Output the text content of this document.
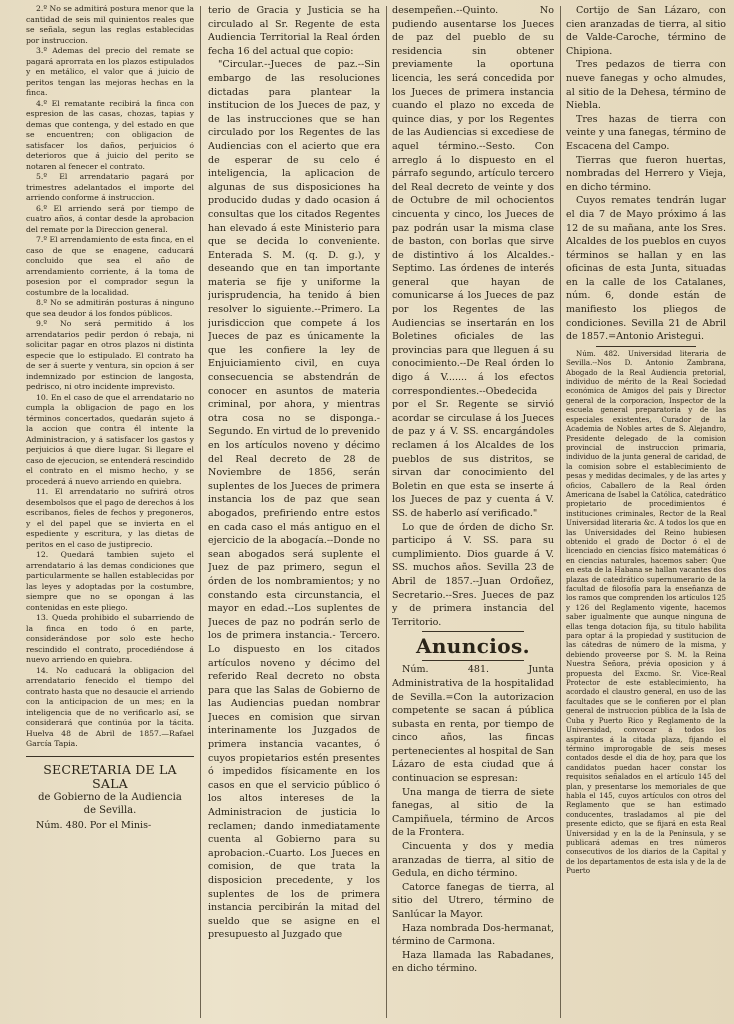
2.º No se admitirá postura menor que la cantidad de seis mil quinientos reales que se señala, segun las reglas establecidas por instruccion.

3.º Ademas del precio del remate se pagará aprorrata en los plazos estipulados y en metálico, el valor que á juicio de peritos tengan las mejoras hechas en la finca.

4.º El rematante recibirá la finca con espresion de las casas, chozas, tapias y demas que contenga, y del estado en que se encuentren; con obligacion de satisfacer los daños, perjuicios ó deterioros que á juicio del perito se notaren al fenecer el contrato.

5.º El arrendatario pagará por trimestres adelantados el importe del arriendo conforme á instruccion.

6.º El arriendo será por tiempo de cuatro años, á contar desde la aprobacion del remate por la Direccion general.

7.º El arrendamiento de esta finca, en el caso de que se enagene, caducará concluido que sea el año de arrendamiento corriente, á la toma de posesion por el comprador segun la costumbre de la localidad.

8.º No se admitirán posturas á ninguno que sea deudor á los fondos públicos.

9.º No será permitido á los arrendatarios pedir perdon ó rebaja, ni solicitar pagar en otros plazos ni distinta especie que lo estipulado. El contrato ha de ser á suerte y ventura, sin opcion á ser indemnizado por estincion de langosta, pedrisco, ni otro incidente imprevisto.

10. En el caso de que el arrendatario no cumpla la obligacion de pago en los términos concertados, quedarán sujeto á la accion que contra él intente la Administracion, y á satisfacer los gastos y perjuicios á que diere lugar. Si llegare el caso de ejecucion, se entenderá rescindido el contrato en el mismo hecho, y se procederá á nuevo arriendo en quiebra.

11. El arrendatario no sufrirá otros desembolsos que el pago de derechos á los escribanos, fieles de fechos y pregoneros, y el del papel que se invierta en el espediente y escritura, y las dietas de peritos en el caso de justiprecio.

12. Quedará tambien sujeto el arrendatario á las demas condiciones que particularmente se hallen establecidas por las leyes y adoptadas por la costumbre, siempre que no se opongan á las contenidas en este pliego.

13. Queda prohibido el subarriendo de la finca en todo ó en parte, considerándose por solo este hecho rescindido el contrato, procediéndose á nuevo arriendo en quiebra.

14. No caducará la obligacion del arrendatario fenecido el tiempo del contrato hasta que no desaucie el arriendo con la anticipacion de un mes; en la inteligencia que de no verificarlo así, se considerará que continúa por la tácita. Huelva 48 de Abril de 1857.—Rafael García Tapia.

SECRETARIA DE LA SALA
de Gobierno de la Audiencia
de Sevilla.

Núm. 480. Por el Minis-

terio de Gracia y Justicia se ha circulado al Sr. Regente de esta Audiencia Territorial la Real órden fecha 16 del actual que copio:

"Circular.--Jueces de paz.--Sin embargo de las resoluciones dictadas para plantear la institucion de los Jueces de paz, y de las instrucciones que se han circulado por los Regentes de las Audiencias con el acierto que era de esperar de su celo é inteligencia, la aplicacion de algunas de sus disposiciones ha producido dudas y dado ocasion á consultas que los citados Regentes han elevado á este Ministerio para que se decida lo conveniente. Enterada S. M. (q. D. g.), y deseando que en tan importante materia se fije y uniforme la jurisprudencia, ha tenido á bien resolver lo siguiente.--Primero. La jurisdiccion que compete á los Jueces de paz es únicamente la que les confiere la ley de Enjuiciamiento civil, en cuya consecuencia se abstendrán de conocer en asuntos de materia criminal, por ahora, y mientras otra cosa no se disponga.- Segundo. En virtud de lo prevenido en los artículos noveno y décimo del Real decreto de 28 de Noviembre de 1856, serán suplentes de los Jueces de primera instancia los de paz que sean abogados, prefiriendo entre estos en cada caso el más antiguo en el ejercicio de la abogacía.--Donde no sean abogados será suplente el Juez de paz primero, segun el órden de los nombramientos; y no constando esta circunstancia, el mayor en edad.--Los suplentes de Jueces de paz no podrán serlo de los de primera instancia.- Tercero. Lo dispuesto en los citados artículos noveno y décimo del referido Real decreto no obsta para que las Salas de Gobierno de las Audiencias puedan nombrar Jueces en comision que sirvan interinamente los Juzgados de primera instancia vacantes, ó cuyos propietarios estén presentes ó impedidos físicamente en los casos en que el servicio público ó los altos intereses de la Administracion de justicia lo reclamen; dando inmediatamente cuenta al Gobierno para su aprobacion.-Cuarto. Los Jueces en comision, de que trata la disposicion precedente, y los suplentes de los de primera instancia percibirán la mitad del sueldo que se asigne en el presupuesto al Juzgado que

desempeñen.--Quinto. No pudiendo ausentarse los Jueces de paz del pueblo de su residencia sin obtener previamente la oportuna licencia, les será concedida por los Jueces de primera instancia cuando el plazo no exceda de quince dias, y por los Regentes de las Audiencias si excediese de aquel término.--Sesto. Con arreglo á lo dispuesto en el párrafo segundo, artículo tercero del Real decreto de veinte y dos de Octubre de mil ochocientos cincuenta y cinco, los Jueces de paz podrán usar la misma clase de baston, con borlas que sirve de distintivo á los Alcaldes.-Septimo. Las órdenes de interés general que hayan de comunicarse á los Jueces de paz por los Regentes de las Audiencias se insertarán en los Boletines oficiales de las provincias para que lleguen á su conocimiento.--De Real órden lo digo á V....... á los efectos correspondientes.--Obedecida por el Sr. Regente se sirvió acordar se circulase á los Jueces de paz y á V. SS. encargándoles reclamen á los Alcaldes de los pueblos de sus distritos, se sirvan dar conocimiento del Boletin en que esta se inserte á los Jueces de paz y cuenta á V. SS. de haberlo así verificado."

Lo que de órden de dicho Sr. participo á V. SS. para su cumplimiento. Dios guarde á V. SS. muchos años. Sevilla 23 de Abril de 1857.--Juan Ordoñez, Secretario.--Sres. Jueces de paz y de primera instancia del Territorio.

Anuncios.

Núm. 481. Junta Administrativa de la hospitalidad de Sevilla.=Con la autorizacion competente se sacan á pública subasta en renta, por tiempo de cinco años, las fincas pertenecientes al hospital de San Lázaro de esta ciudad que á continuacion se espresan:

Una manga de tierra de siete fanegas, al sitio de la Campiñuela, término de Arcos de la Frontera.

Cincuenta y dos y media aranzadas de tierra, al sitio de Gedula, en dicho término.

Catorce fanegas de tierra, al sitio del Utrero, término de Sanlúcar la Mayor.

Haza nombrada Dos-hermanat, término de Carmona.

Haza llamada las Rabadanes, en dicho término.

Cortijo de San Lázaro, con cien aranzadas de tierra, al sitio de Valde-Caroche, término de Chipiona.

Tres pedazos de tierra con nueve fanegas y ocho almudes, al sitio de la Dehesa, término de Niebla.

Tres hazas de tierra con veinte y una fanegas, término de Escacena del Campo.

Tierras que fueron huertas, nombradas del Herrero y Vieja, en dicho término.

Cuyos remates tendrán lugar el dia 7 de Mayo próximo á las 12 de su mañana, ante los Sres. Alcaldes de los pueblos en cuyos términos se hallan y en las oficinas de esta Junta, situadas en la calle de los Catalanes, núm. 6, donde están de manifiesto los pliegos de condiciones. Sevilla 21 de Abril de 1857.=Antonio Aristegui.

Núm. 482. Universidad literaria de Sevilla.--Nos D. Antonio Zambrana, Abogado de la Real Audiencia pretorial, individuo de mérito de la Real Sociedad económica de Amigos del pais y Director general de la corporacion, Inspector de la escuela general preparatoria y de las especiales existentes, Curador de la Academia de Nobles artes de S. Alejandro, Presidente delegado de la comision provincial de instruccion primaria, individuo de la junta general de caridad, de la comision sobre el establecimiento de pesas y medidas decimales, y de las artes y oficios, Caballero de la Real órden Americana de Isabel la Católica, catedrático propietario de procedimientos é instituciones criminales, Rector de la Real Universidad literaria &c. A todos los que en las Universidades del Reino hubiesen obtenido el grado de Doctor ó el de licenciado en ciencias físico matemáticas ó en ciencias naturales, hacemos saber: Que en esta de la Habana se hallan vacantes dos plazas de catedrático supernumerario de la facultad de filosofía para la enseñanza de los ramos que comprenden los artículos 125 y 126 del Reglamento vigente, hacemos saber igualmente que aunque ninguna de ellas tenga dotacion fija, su titulo habilita para optar á la propiedad y sustitucion de las cátedras de número de la misma, y debiendo proveerse por S. M. la Reina Nuestra Señora, prévia oposicion y á propuesta del Excmo. Sr. Vice-Real Protector de este establecimiento, ha acordado el claustro general, en uso de las facultades que se le confieren por el plan general de instruccion pública de la Isla de Cuba y Puerto Rico y Reglamento de la Universidad, convocar á todos los aspirantes á la citada plaza, fijando el término improrogable de seis meses contados desde el dia de hoy, para que los candidatos puedan hacer constar los requisitos señalados en el artículo 145 del plan, y presentarse los memoriales de que habla el 145, cuyos artículos con otros del Reglamento que se han estimado conducentes, trasladamos al pie del presente edicto, que se fijará en esta Real Universidad y en la de la Península, y se publicará ademas en tres números consecutivos de los diarios de la Capital y de los departamentos de esta isla y de la de Puerto
